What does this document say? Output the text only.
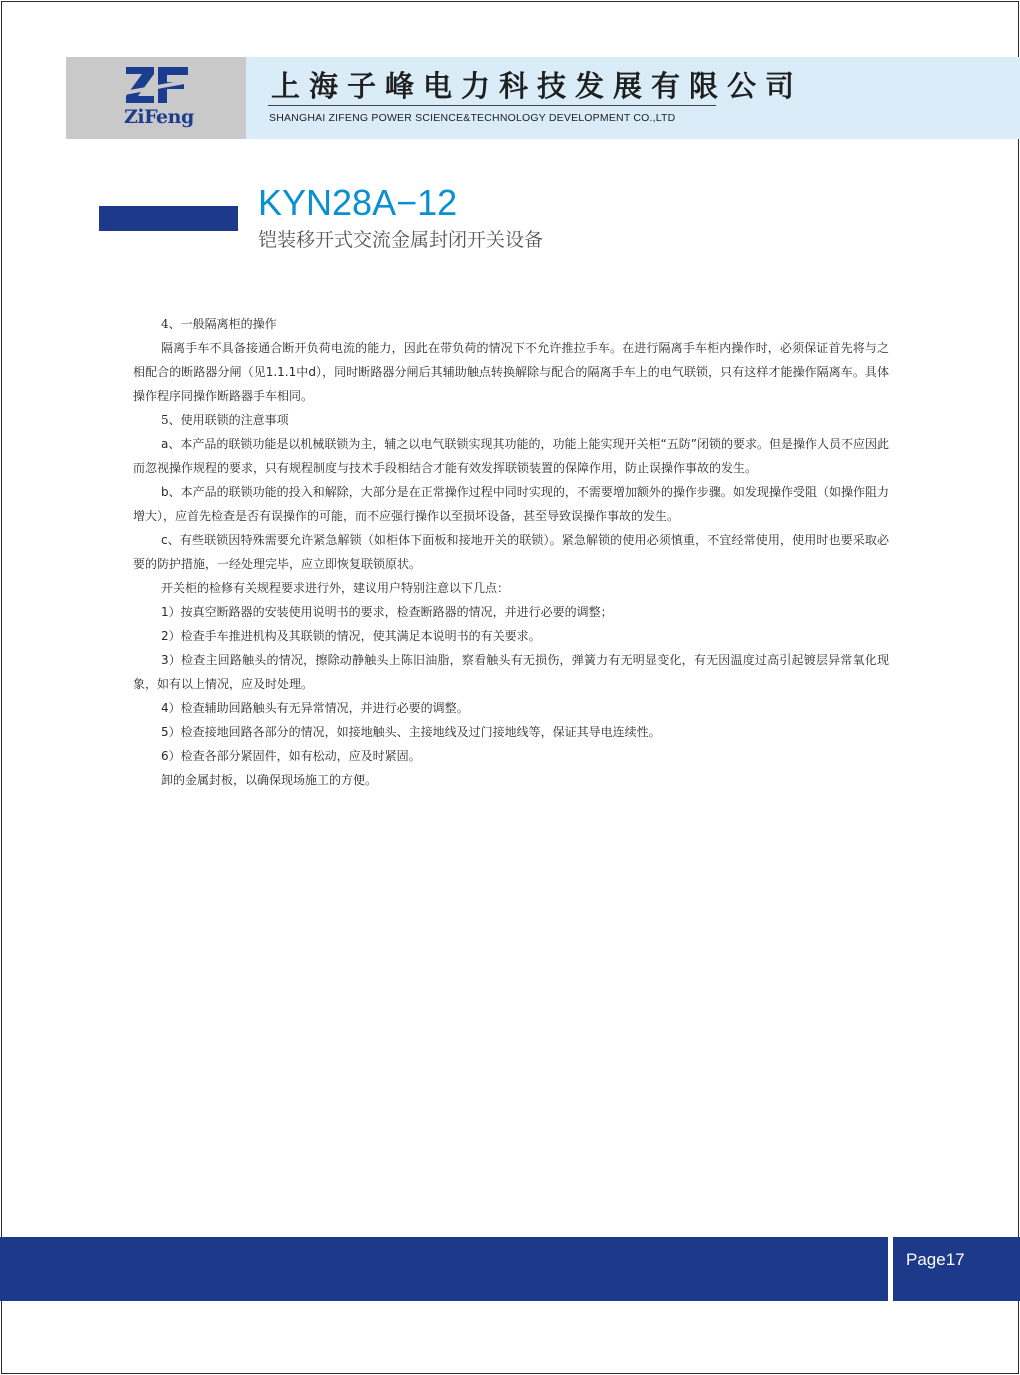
ZiFeng
上海子峰电力科技发展有限公司
SHANGHAI ZIFENG POWER SCIENCE&TECHNOLOGY DEVELOPMENT CO.,LTD
KYN28A−12
铠装移开式交流金属封闭开关设备

4、一般隔离柜的操作

隔离手车不具备接通合断开负荷电流的能力，因此在带负荷的情况下不允许推拉手车。在进行隔离手车柜内操作时，必须保证首先将与之相配合的断路器分闸（见1.1.1中d），同时断路器分闸后其辅助触点转换解除与配合的隔离手车上的电气联锁，只有这样才能操作隔离车。具体操作程序同操作断路器手车相同。

5、使用联锁的注意事项

a、本产品的联锁功能是以机械联锁为主，辅之以电气联锁实现其功能的，功能上能实现开关柜“五防”闭锁的要求。但是操作人员不应因此而忽视操作规程的要求，只有规程制度与技术手段相结合才能有效发挥联锁装置的保障作用，防止误操作事故的发生。

b、本产品的联锁功能的投入和解除，大部分是在正常操作过程中同时实现的，不需要增加额外的操作步骤。如发现操作受阻（如操作阻力增大），应首先检查是否有误操作的可能，而不应强行操作以至损坏设备，甚至导致误操作事故的发生。

c、有些联锁因特殊需要允许紧急解锁（如柜体下面板和接地开关的联锁）。紧急解锁的使用必须慎重，不宜经常使用，使用时也要采取必要的防护措施，一经处理完毕，应立即恢复联锁原状。

开关柜的检修有关规程要求进行外，建议用户特别注意以下几点：

1）按真空断路器的安装使用说明书的要求，检查断路器的情况，并进行必要的调整；

2）检查手车推进机构及其联锁的情况，使其满足本说明书的有关要求。

3）检查主回路触头的情况，擦除动静触头上陈旧油脂，察看触头有无损伤，弹簧力有无明显变化，有无因温度过高引起镀层异常氧化现象，如有以上情况，应及时处理。

4）检查辅助回路触头有无异常情况，并进行必要的调整。

5）检查接地回路各部分的情况，如接地触头、主接地线及过门接地线等，保证其导电连续性。

6）检查各部分紧固件，如有松动，应及时紧固。

卸的金属封板，以确保现场施工的方便。

Page17
